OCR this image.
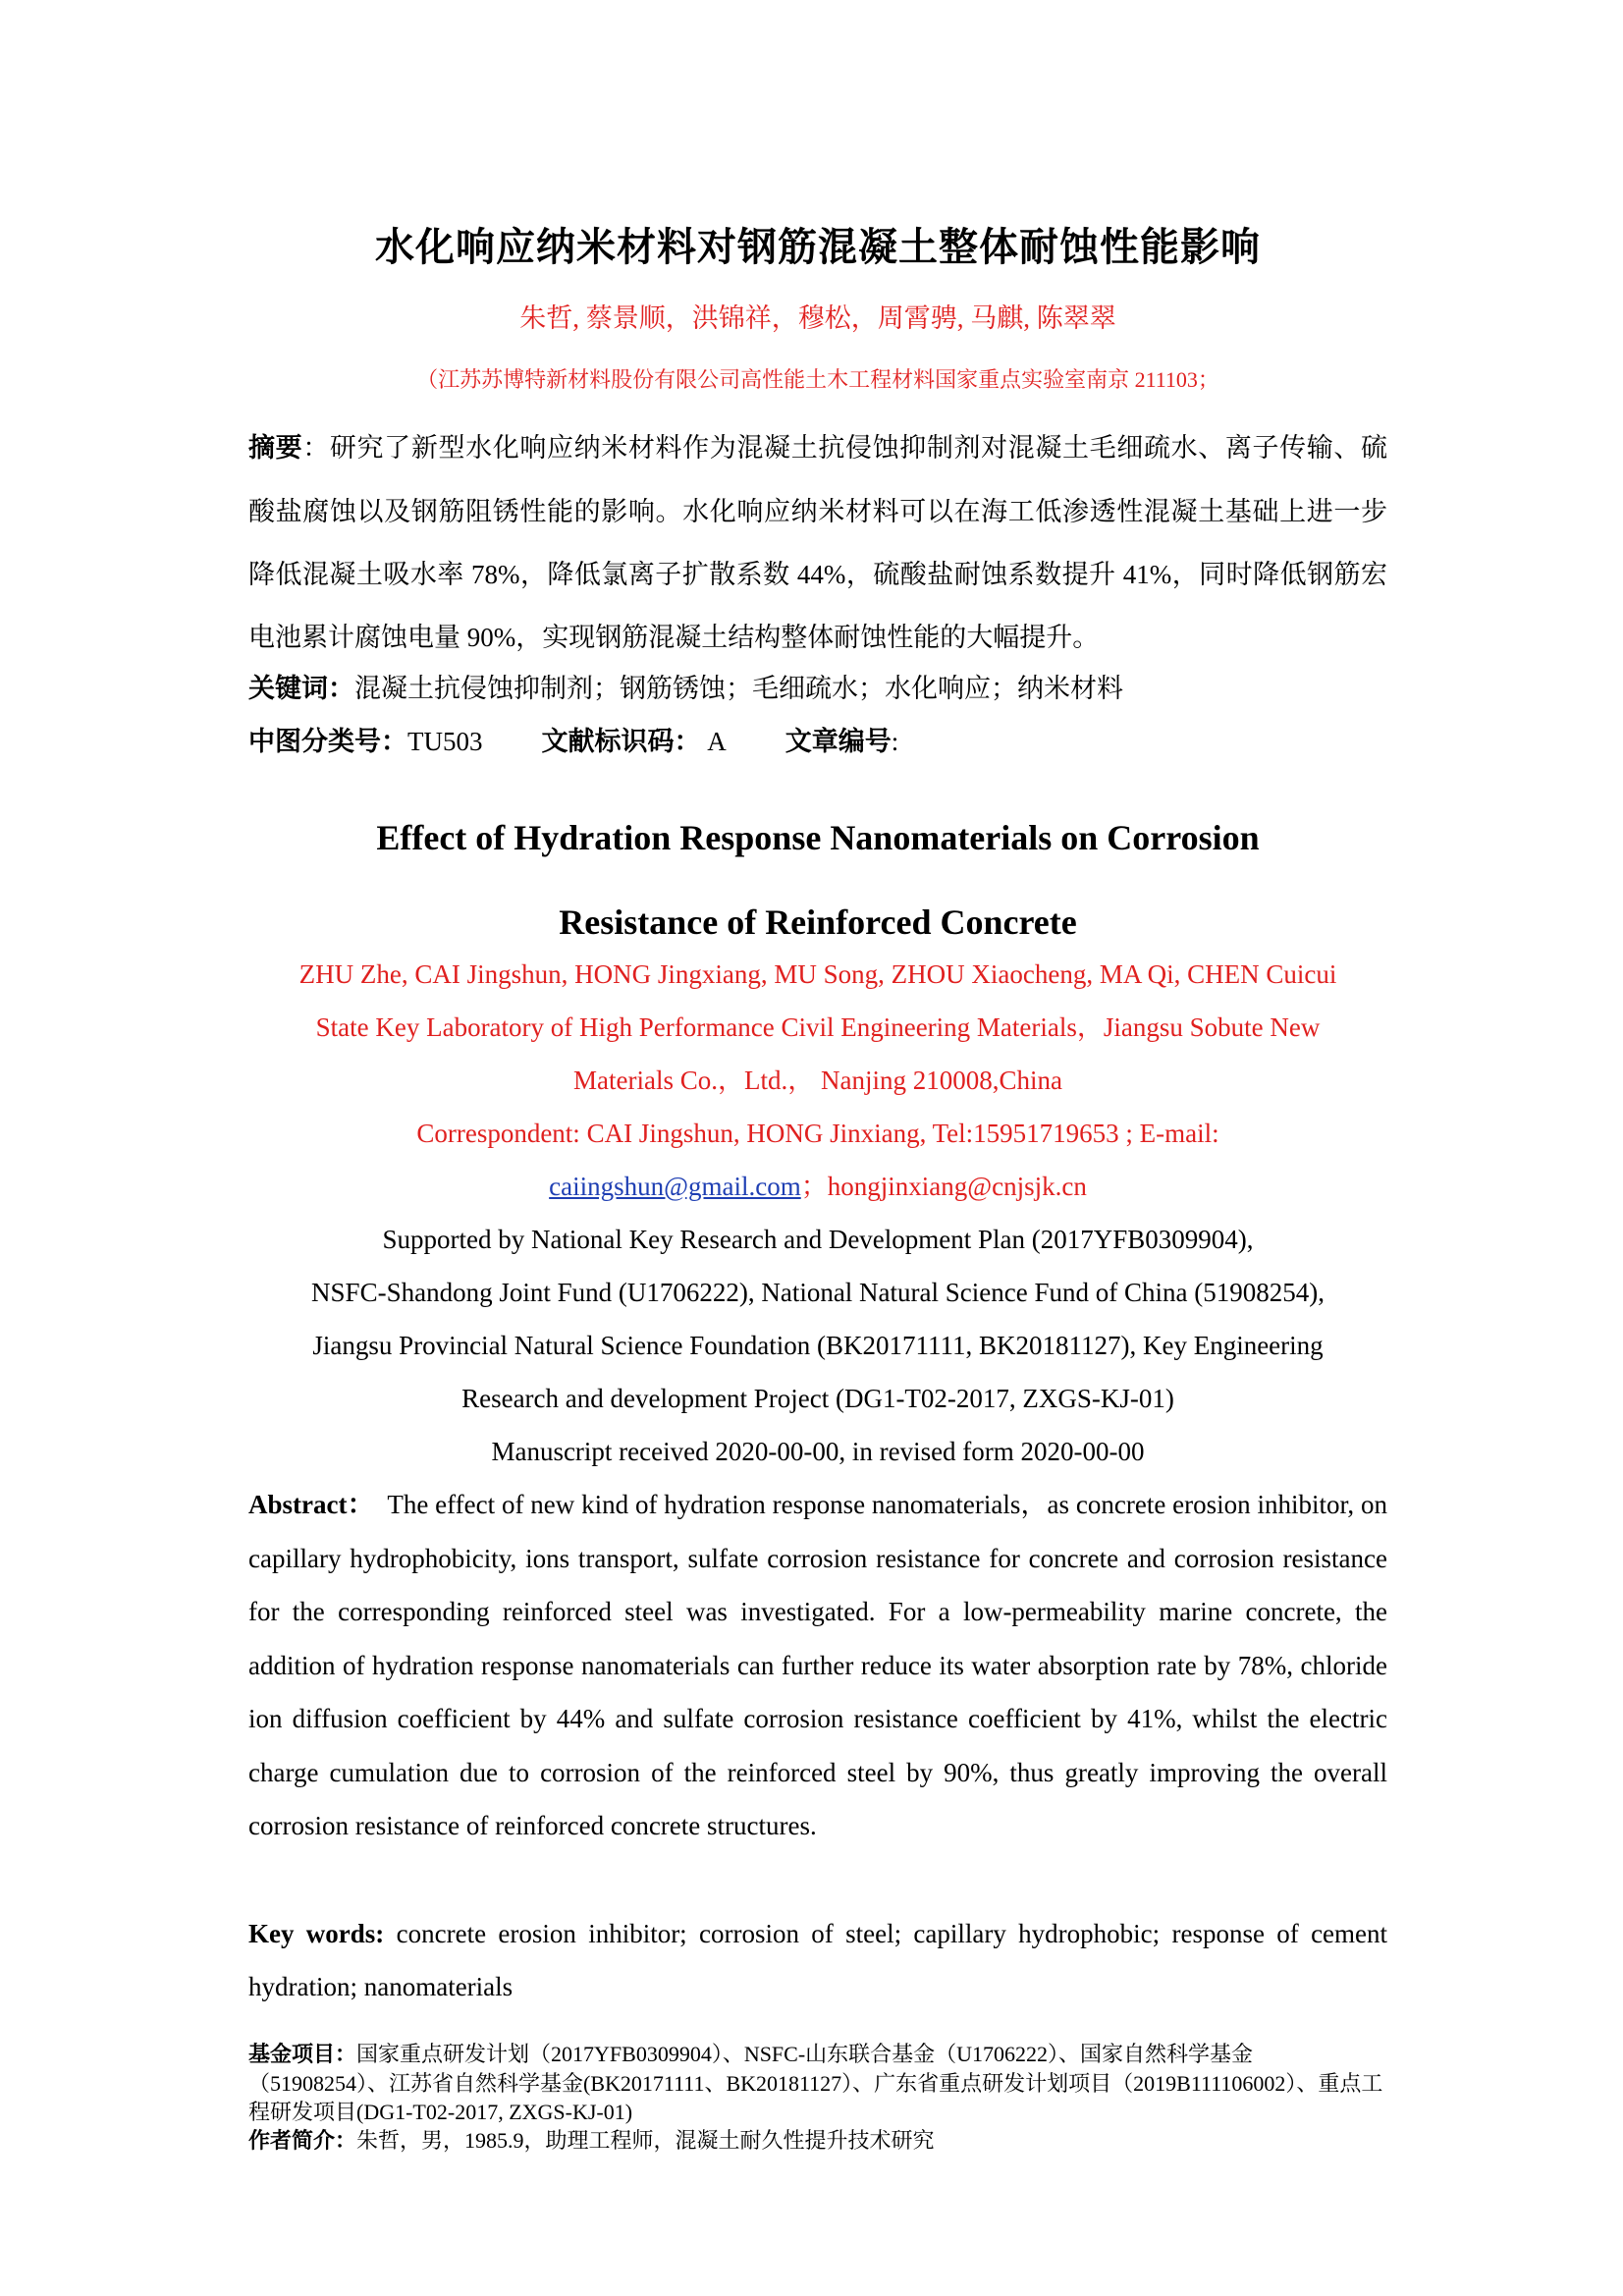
水化响应纳米材料对钢筋混凝土整体耐蚀性能影响
朱哲, 蔡景顺，洪锦祥，穆松，周霄骋, 马麒, 陈翠翠
（江苏苏博特新材料股份有限公司高性能土木工程材料国家重点实验室南京 211103；
摘要：研究了新型水化响应纳米材料作为混凝土抗侵蚀抑制剂对混凝土毛细疏水、离子传输、硫酸盐腐蚀以及钢筋阻锈性能的影响。水化响应纳米材料可以在海工低渗透性混凝土基础上进一步降低混凝土吸水率 78%，降低氯离子扩散系数 44%，硫酸盐耐蚀系数提升 41%，同时降低钢筋宏电池累计腐蚀电量 90%，实现钢筋混凝土结构整体耐蚀性能的大幅提升。
关键词：混凝土抗侵蚀抑制剂；钢筋锈蚀；毛细疏水；水化响应；纳米材料
中图分类号：TU503 文献标识码： A 文章编号:
Effect of Hydration Response Nanomaterials on Corrosion
Resistance of Reinforced Concrete
ZHU Zhe, CAI Jingshun, HONG Jingxiang, MU Song, ZHOU Xiaocheng, MA Qi, CHEN Cuicui
State Key Laboratory of High Performance Civil Engineering Materials，Jiangsu Sobute New
Materials Co.，Ltd.， Nanjing 210008,China
Correspondent: CAI Jingshun, HONG Jinxiang, Tel:15951719653 ; E-mail:
caiingshun@gmail.com；hongjinxiang@cnjsjk.cn
Supported by National Key Research and Development Plan (2017YFB0309904),
NSFC-Shandong Joint Fund (U1706222), National Natural Science Fund of China (51908254),
Jiangsu Provincial Natural Science Foundation (BK20171111, BK20181127), Key Engineering
Research and development Project (DG1-T02-2017, ZXGS-KJ-01)
Manuscript received 2020-00-00, in revised form 2020-00-00
Abstract： The effect of new kind of hydration response nanomaterials，as concrete erosion inhibitor, on capillary hydrophobicity, ions transport, sulfate corrosion resistance for concrete and corrosion resistance for the corresponding reinforced steel was investigated. For a low-permeability marine concrete, the addition of hydration response nanomaterials can further reduce its water absorption rate by 78%, chloride ion diffusion coefficient by 44% and sulfate corrosion resistance coefficient by 41%, whilst the electric charge cumulation due to corrosion of the reinforced steel by 90%, thus greatly improving the overall corrosion resistance of reinforced concrete structures.
Key words: concrete erosion inhibitor; corrosion of steel; capillary hydrophobic; response of cement hydration; nanomaterials
基金项目：国家重点研发计划（2017YFB0309904）、NSFC-山东联合基金（U1706222）、国家自然科学基金（51908254）、江苏省自然科学基金(BK20171111、BK20181127）、广东省重点研发计划项目（2019B111106002）、重点工程研发项目(DG1-T02-2017, ZXGS-KJ-01)
作者简介：朱哲，男，1985.9，助理工程师，混凝土耐久性提升技术研究
